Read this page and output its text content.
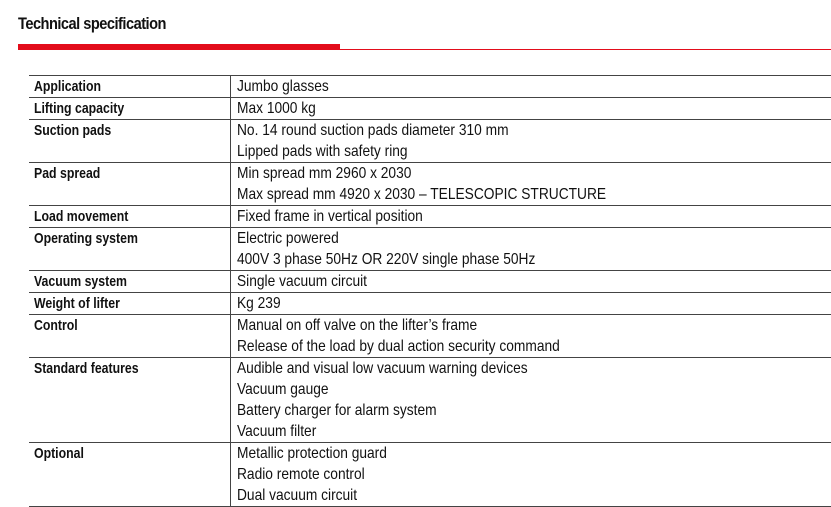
Technical specification
Application	Jumbo glasses

Lifting capacity	Max 1000 kg

Suction pads	No. 14 round suction pads diameter 310 mm
Lipped pads with safety ring

Pad spread	Min spread mm 2960 x 2030
Max spread mm 4920 x 2030 – TELESCOPIC STRUCTURE

Load movement	Fixed frame in vertical position

Operating system	Electric powered
400V 3 phase 50Hz OR 220V single phase 50Hz

Vacuum system	Single vacuum circuit

Weight of lifter	Kg 239

Control	Manual on off valve on the lifter’s frame
Release of the load by dual action security command

Standard features	Audible and visual low vacuum warning devices
Vacuum gauge
Battery charger for alarm system
Vacuum filter

Optional	Metallic protection guard
Radio remote control
Dual vacuum circuit
